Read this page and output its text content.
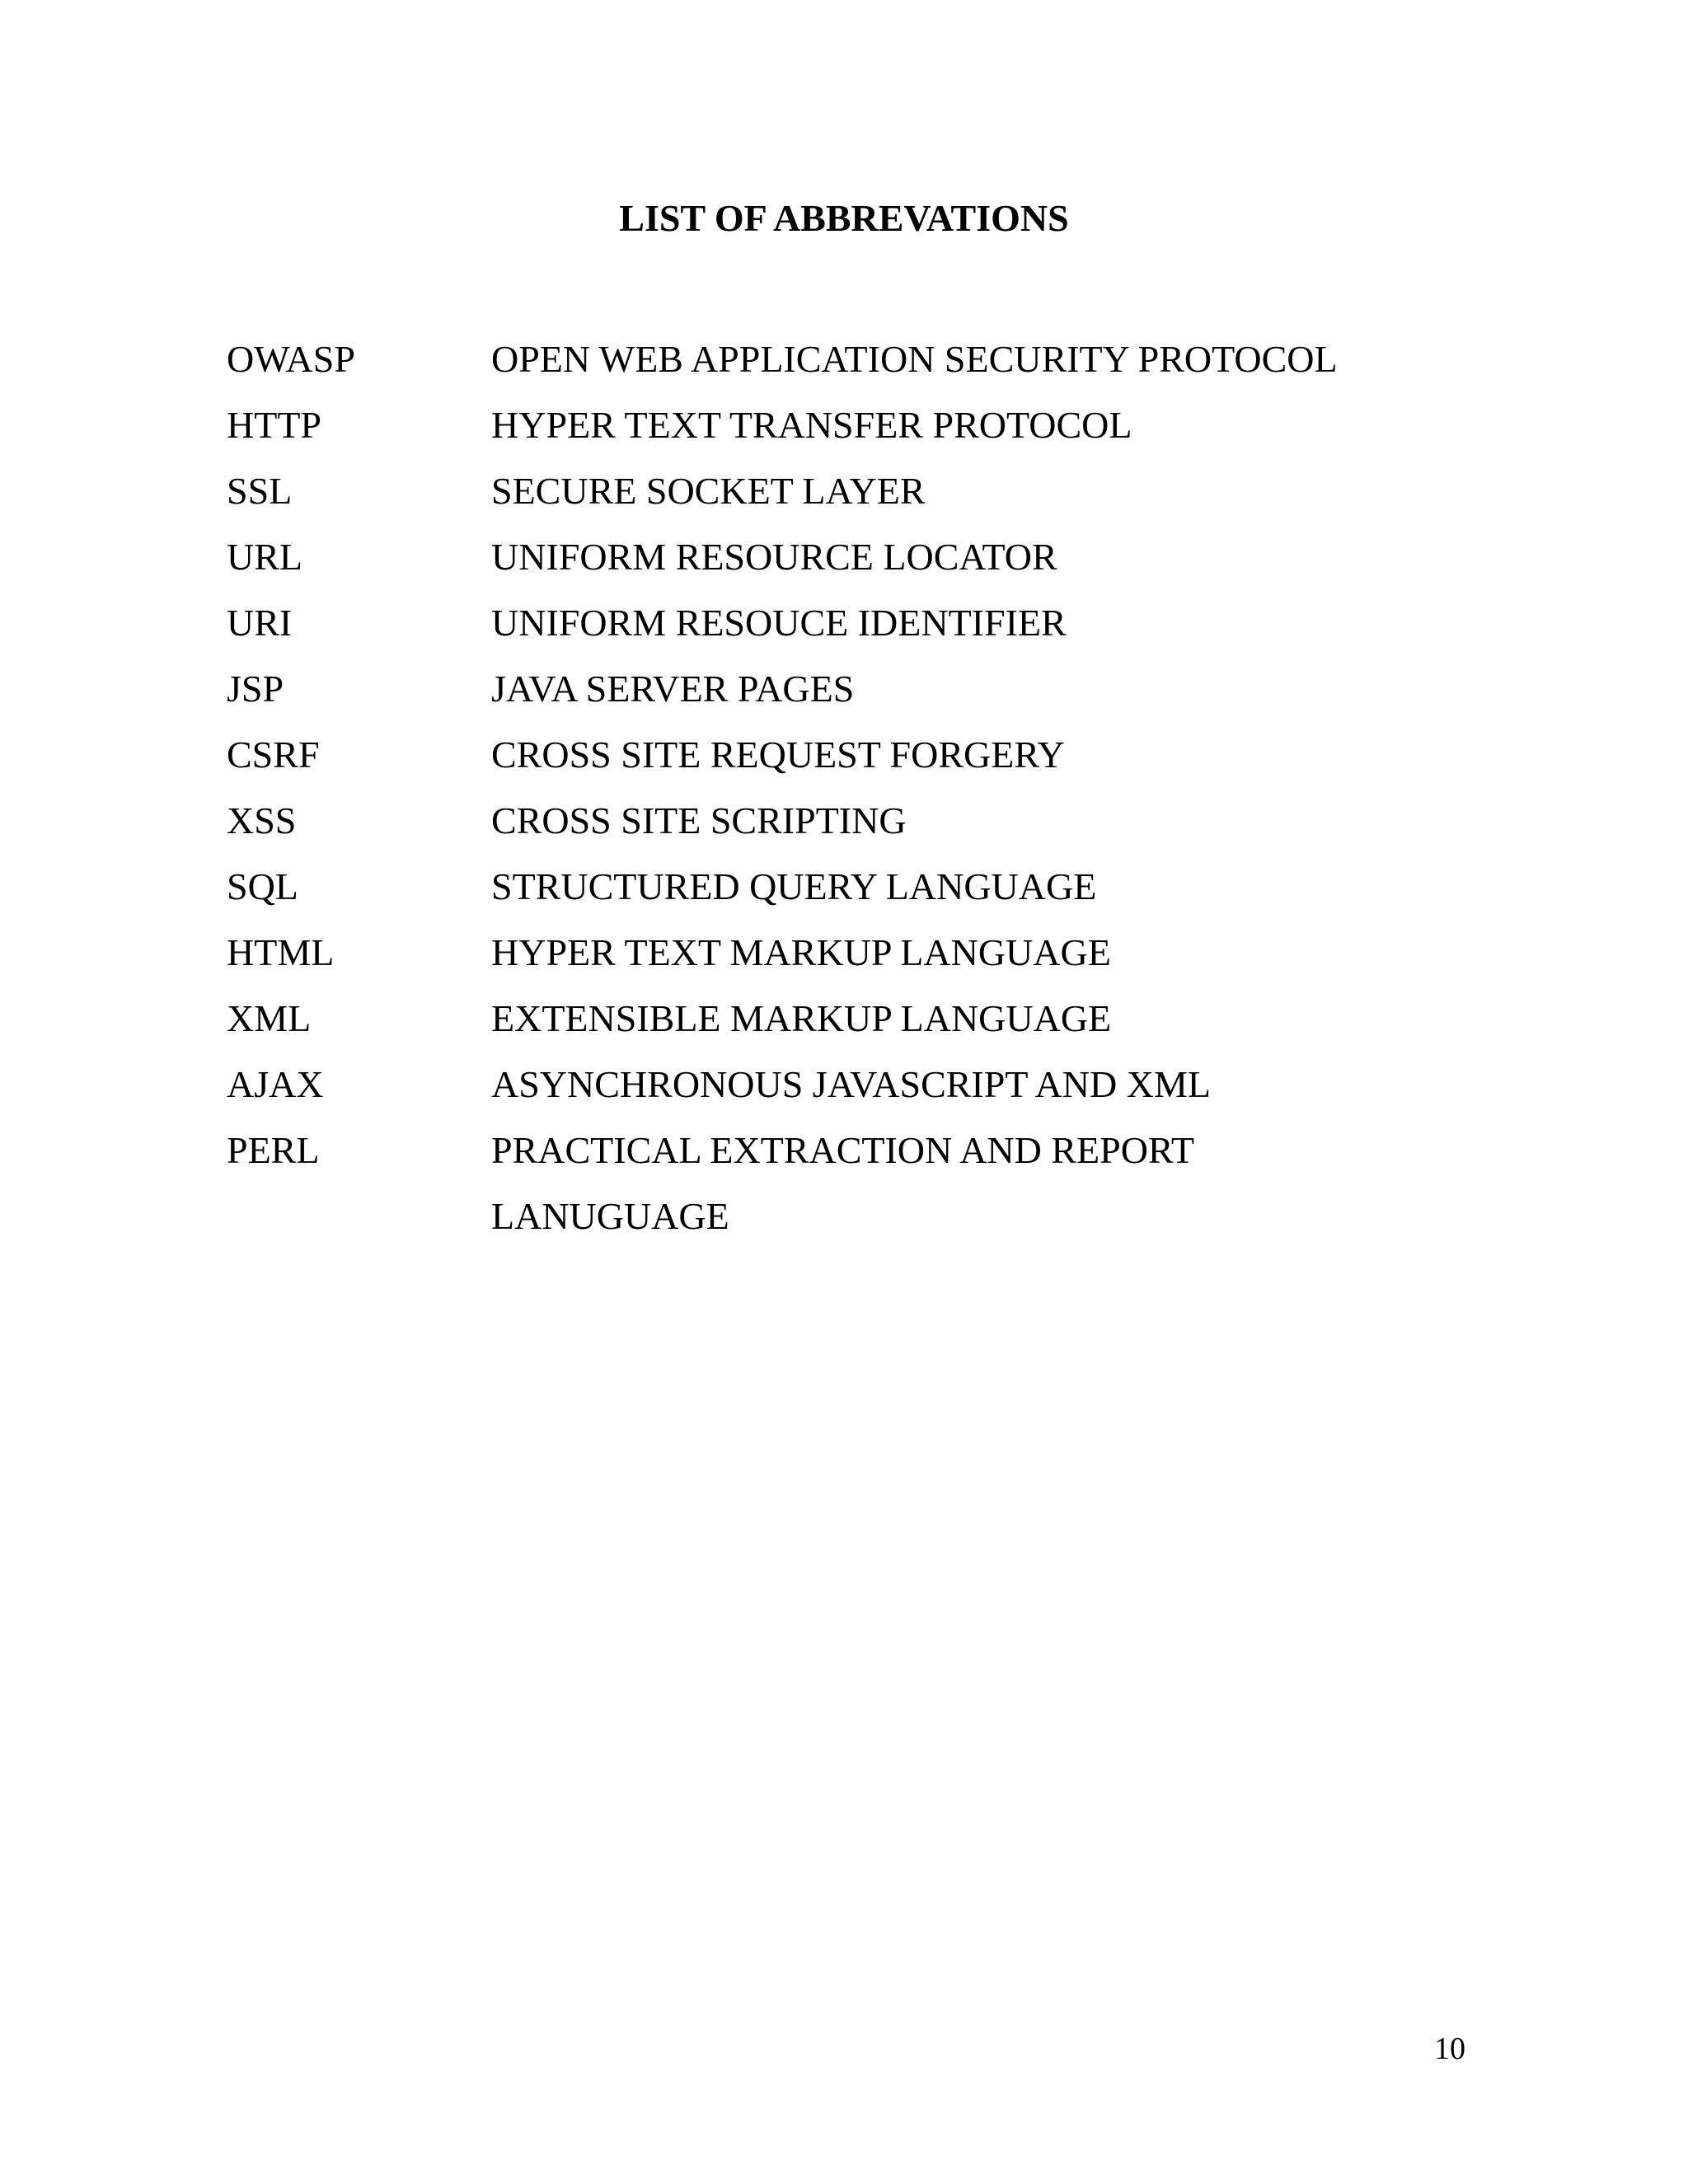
LIST OF ABBREVATIONS
OWASP	OPEN WEB APPLICATION SECURITY PROTOCOL
HTTP	HYPER TEXT TRANSFER PROTOCOL
SSL	SECURE SOCKET LAYER
URL	UNIFORM RESOURCE LOCATOR
URI	UNIFORM RESOUCE IDENTIFIER
JSP	JAVA SERVER PAGES
CSRF	CROSS SITE REQUEST FORGERY
XSS	CROSS SITE SCRIPTING
SQL	STRUCTURED QUERY LANGUAGE
HTML	HYPER TEXT MARKUP LANGUAGE
XML	EXTENSIBLE MARKUP LANGUAGE
AJAX	ASYNCHRONOUS JAVASCRIPT AND XML
PERL	PRACTICAL EXTRACTION AND REPORT LANUGUAGE
10
